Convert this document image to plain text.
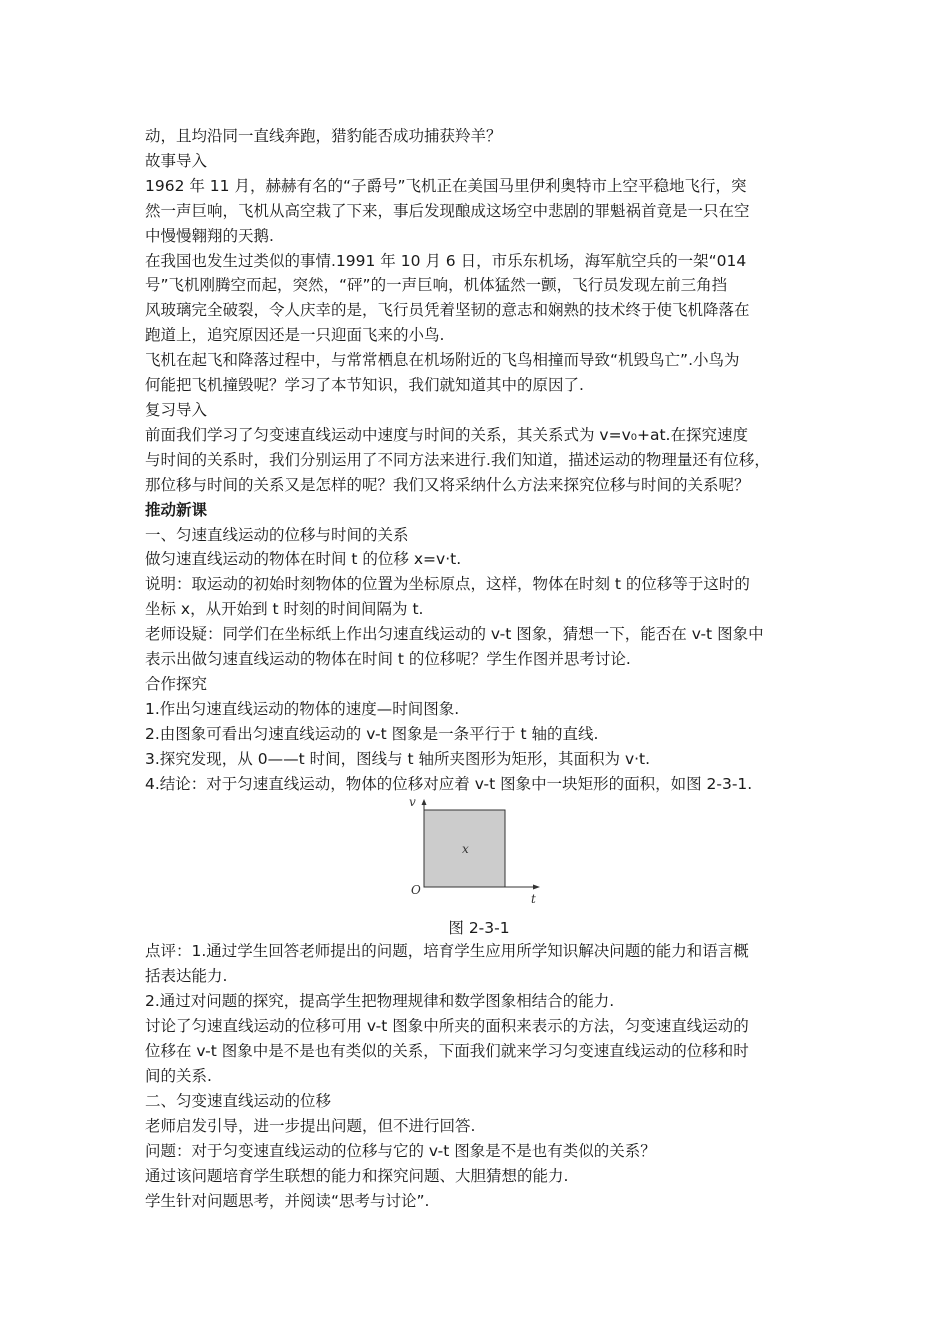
动，且均沿同一直线奔跑，猎豹能否成功捕获羚羊？
故事导入
1962 年 11 月，赫赫有名的“子爵号”飞机正在美国马里伊利奥特市上空平稳地飞行，突
然一声巨响，飞机从高空栽了下来，事后发现酿成这场空中悲剧的罪魁祸首竟是一只在空
中慢慢翱翔的天鹅.
在我国也发生过类似的事情.1991 年 10 月 6 日，市乐东机场，海军航空兵的一架“014
号”飞机刚腾空而起，突然，“砰”的一声巨响，机体猛然一颤，飞行员发现左前三角挡
风玻璃完全破裂，令人庆幸的是，飞行员凭着坚韧的意志和娴熟的技术终于使飞机降落在
跑道上，追究原因还是一只迎面飞来的小鸟.
飞机在起飞和降落过程中，与常常栖息在机场附近的飞鸟相撞而导致“机毁鸟亡”.小鸟为
何能把飞机撞毁呢？学习了本节知识，我们就知道其中的原因了.
复习导入
前面我们学习了匀变速直线运动中速度与时间的关系，其关系式为 v=v₀+at.在探究速度
与时间的关系时，我们分别运用了不同方法来进行.我们知道，描述运动的物理量还有位移，
那位移与时间的关系又是怎样的呢？我们又将采纳什么方法来探究位移与时间的关系呢？
推动新课
一、匀速直线运动的位移与时间的关系
做匀速直线运动的物体在时间 t 的位移 x=v·t.
说明：取运动的初始时刻物体的位置为坐标原点，这样，物体在时刻 t 的位移等于这时的
坐标 x，从开始到 t 时刻的时间间隔为 t.
老师设疑：同学们在坐标纸上作出匀速直线运动的 v-t 图象，猜想一下，能否在 v-t 图象中
表示出做匀速直线运动的物体在时间 t 的位移呢？学生作图并思考讨论.
合作探究
1.作出匀速直线运动的物体的速度—时间图象.
2.由图象可看出匀速直线运动的 v-t 图象是一条平行于 t 轴的直线.
3.探究发现，从 0——t 时间，图线与 t 轴所夹图形为矩形，其面积为 v·t.
4.结论：对于匀速直线运动，物体的位移对应着 v-t 图象中一块矩形的面积，如图 2-3-1.
v
O
t
x
图 2-3-1
点评：1.通过学生回答老师提出的问题，培育学生应用所学知识解决问题的能力和语言概
括表达能力.
2.通过对问题的探究，提高学生把物理规律和数学图象相结合的能力.
讨论了匀速直线运动的位移可用 v-t 图象中所夹的面积来表示的方法，匀变速直线运动的
位移在 v-t 图象中是不是也有类似的关系，下面我们就来学习匀变速直线运动的位移和时
间的关系.
二、匀变速直线运动的位移
老师启发引导，进一步提出问题，但不进行回答.
问题：对于匀变速直线运动的位移与它的 v-t 图象是不是也有类似的关系？
通过该问题培育学生联想的能力和探究问题、大胆猜想的能力.
学生针对问题思考，并阅读“思考与讨论”.
